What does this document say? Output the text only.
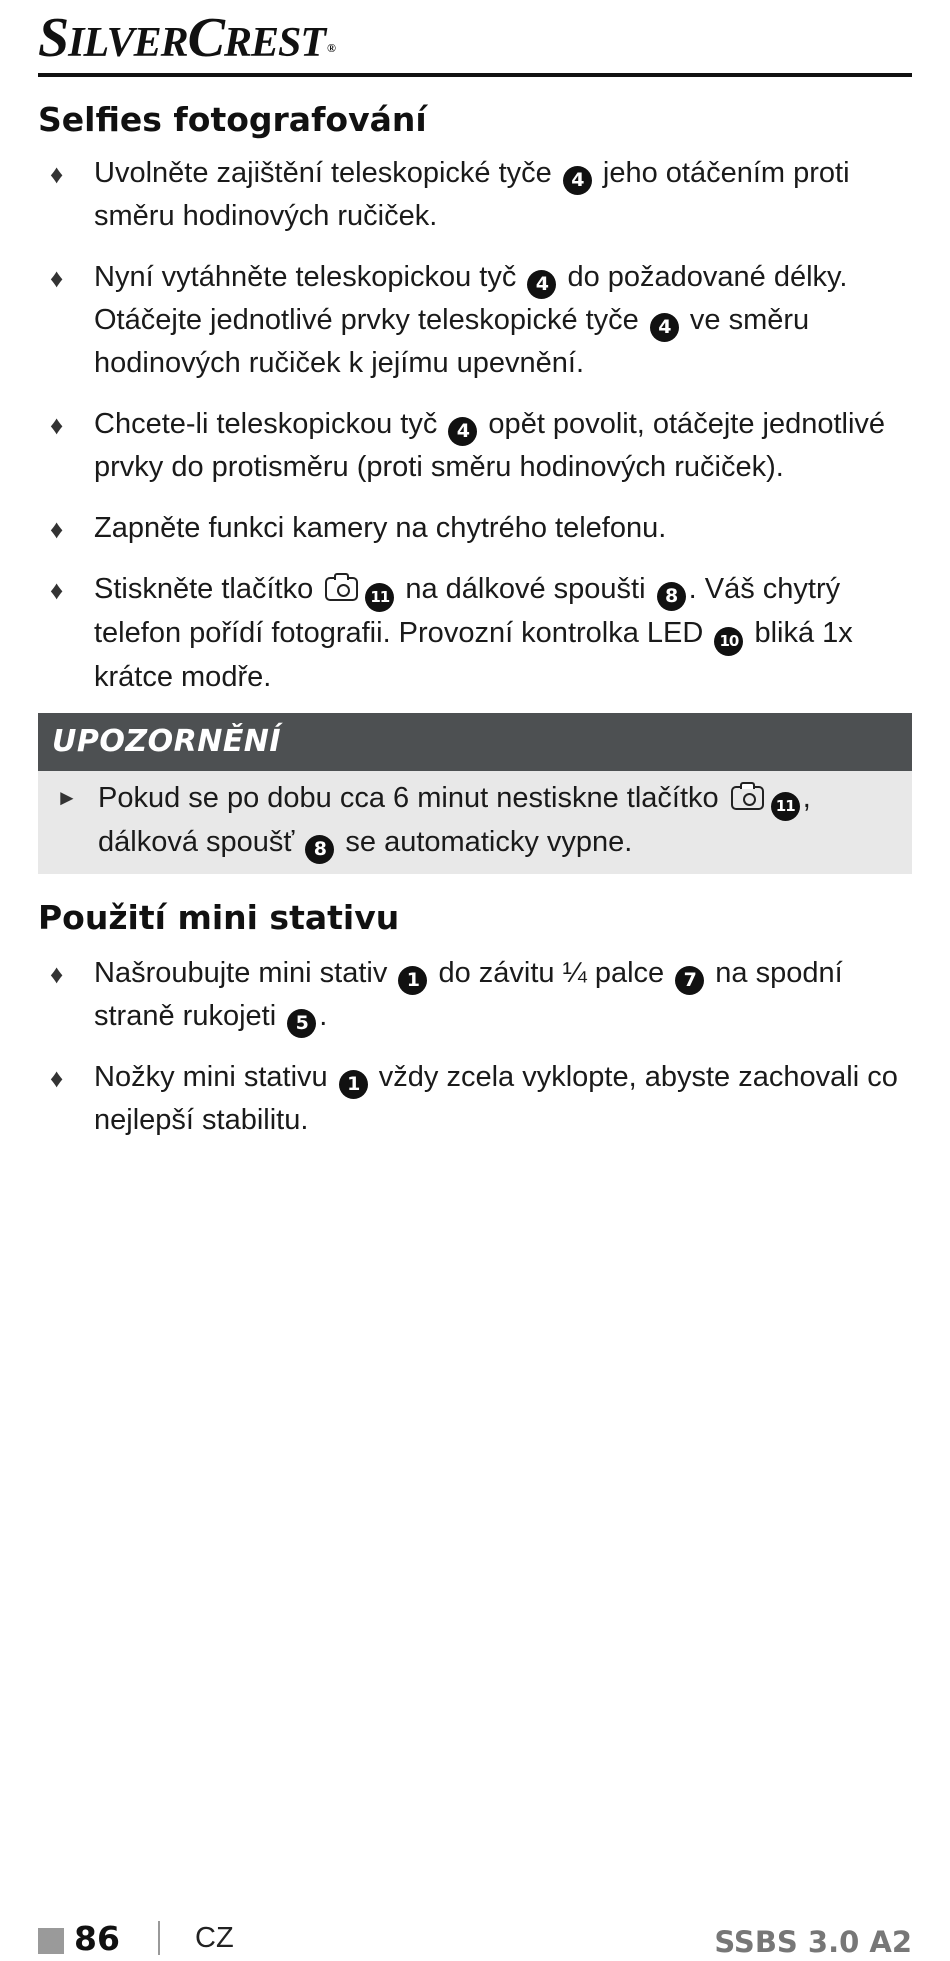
SILVERCREST ®
Selfies fotografování
♦ Uvolněte zajištění teleskopické tyče 4 jeho otáčením proti směru hodinových ručiček.
♦ Nyní vytáhněte teleskopickou tyč 4 do požadované délky. Otáčejte jednotlivé prvky teleskopické tyče 4 ve směru hodinových ručiček k jejímu upevnění.
♦ Chcete-li teleskopickou tyč 4 opět povolit, otáčejte jednotlivé prvky do protisměru (proti směru hodinových ručiček).
♦ Zapněte funkci kamery na chytrého telefonu.
♦ Stiskněte tlačítko	11 na dálkové spoušti 8 . Váš chytrý telefon pořídí fotografii. Provozní kontrolka LED 10 bliká 1x krátce modře.
UPOZORNĚNÍ
► Pokud se po dobu cca 6 minut nestiskne tlačítko	11 , dálková spoušť 8 se automaticky vypne.
Použití mini stativu
♦ Našroubujte mini stativ 1 do závitu ¼ palce 7 na spodní straně rukojeti 5 .
♦ Nožky mini stativu 1 vždy zcela vyklopte, abyste zachovali co nejlepší stabilitu.
86	CZ	SSBS 3.0 A2
